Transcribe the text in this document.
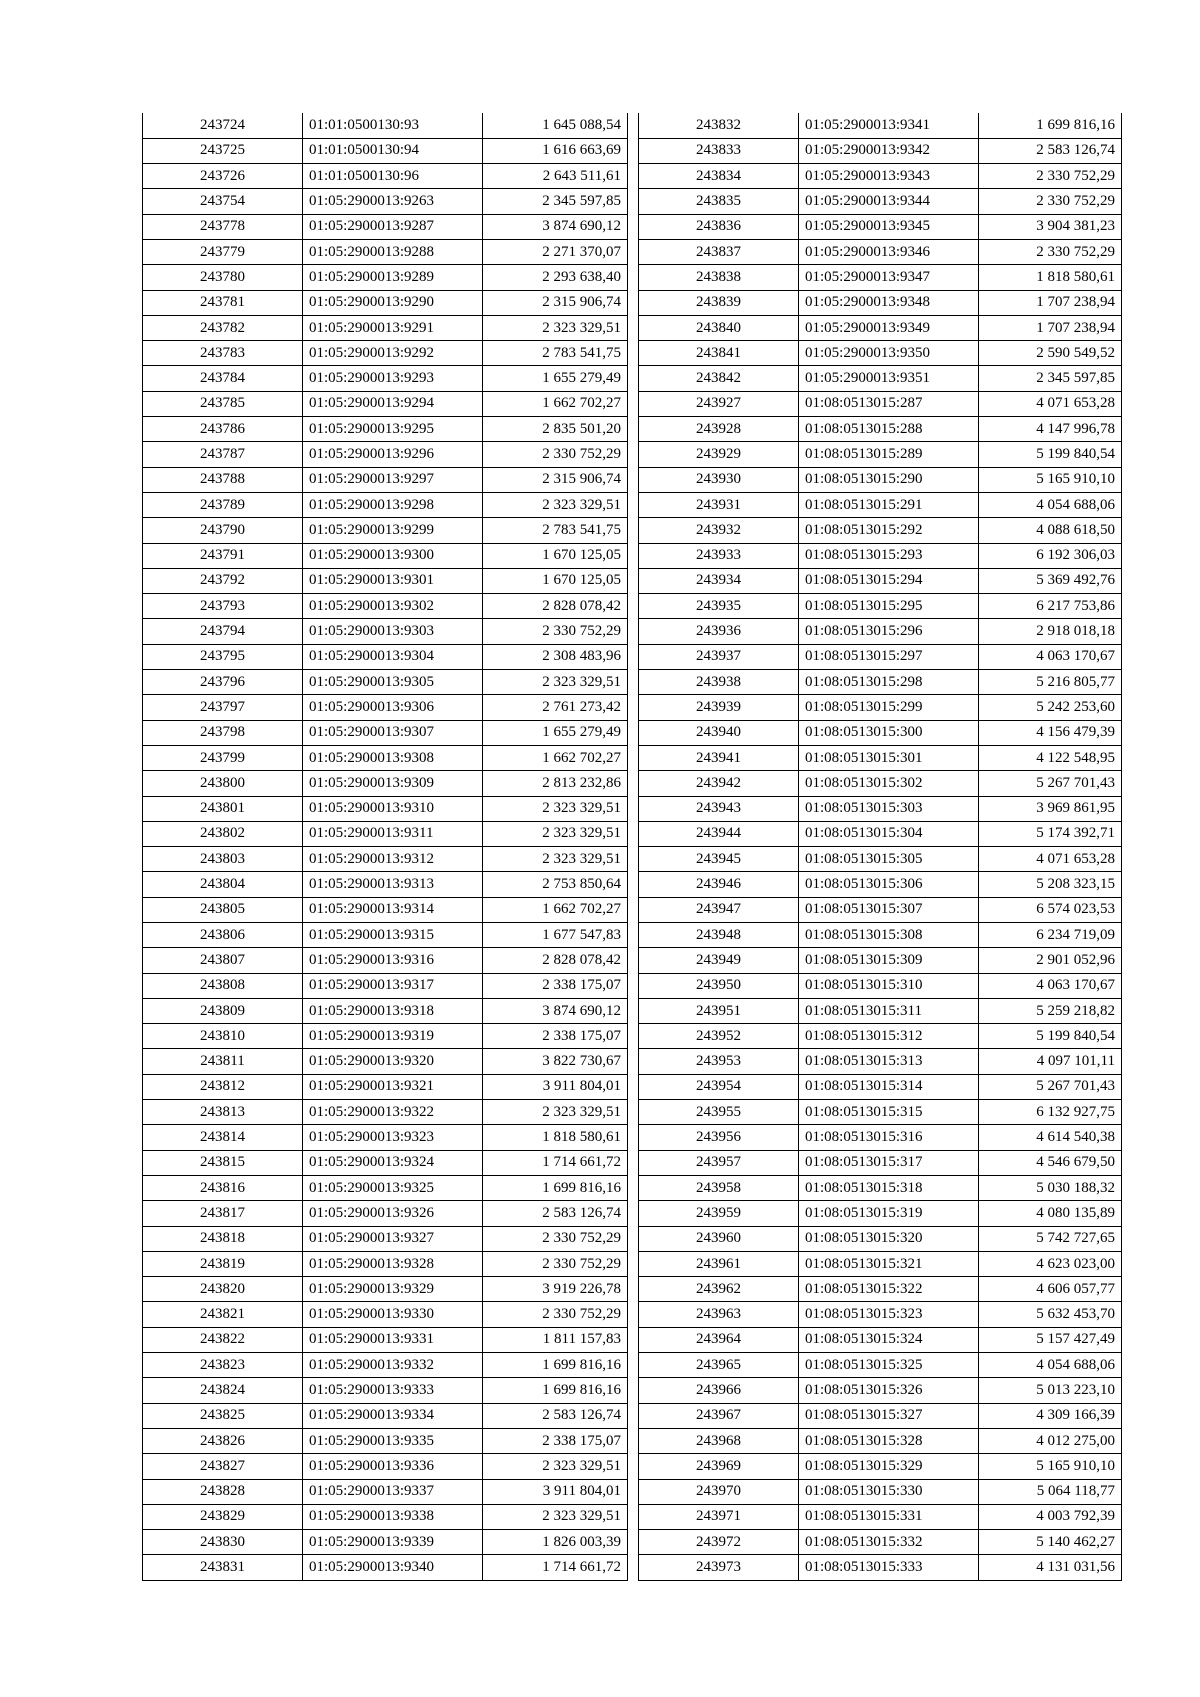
243724	01:01:0500130:93	1 645 088,54
243725	01:01:0500130:94	1 616 663,69
243726	01:01:0500130:96	2 643 511,61
243754	01:05:2900013:9263	2 345 597,85
243778	01:05:2900013:9287	3 874 690,12
243779	01:05:2900013:9288	2 271 370,07
243780	01:05:2900013:9289	2 293 638,40
243781	01:05:2900013:9290	2 315 906,74
243782	01:05:2900013:9291	2 323 329,51
243783	01:05:2900013:9292	2 783 541,75
243784	01:05:2900013:9293	1 655 279,49
243785	01:05:2900013:9294	1 662 702,27
243786	01:05:2900013:9295	2 835 501,20
243787	01:05:2900013:9296	2 330 752,29
243788	01:05:2900013:9297	2 315 906,74
243789	01:05:2900013:9298	2 323 329,51
243790	01:05:2900013:9299	2 783 541,75
243791	01:05:2900013:9300	1 670 125,05
243792	01:05:2900013:9301	1 670 125,05
243793	01:05:2900013:9302	2 828 078,42
243794	01:05:2900013:9303	2 330 752,29
243795	01:05:2900013:9304	2 308 483,96
243796	01:05:2900013:9305	2 323 329,51
243797	01:05:2900013:9306	2 761 273,42
243798	01:05:2900013:9307	1 655 279,49
243799	01:05:2900013:9308	1 662 702,27
243800	01:05:2900013:9309	2 813 232,86
243801	01:05:2900013:9310	2 323 329,51
243802	01:05:2900013:9311	2 323 329,51
243803	01:05:2900013:9312	2 323 329,51
243804	01:05:2900013:9313	2 753 850,64
243805	01:05:2900013:9314	1 662 702,27
243806	01:05:2900013:9315	1 677 547,83
243807	01:05:2900013:9316	2 828 078,42
243808	01:05:2900013:9317	2 338 175,07
243809	01:05:2900013:9318	3 874 690,12
243810	01:05:2900013:9319	2 338 175,07
243811	01:05:2900013:9320	3 822 730,67
243812	01:05:2900013:9321	3 911 804,01
243813	01:05:2900013:9322	2 323 329,51
243814	01:05:2900013:9323	1 818 580,61
243815	01:05:2900013:9324	1 714 661,72
243816	01:05:2900013:9325	1 699 816,16
243817	01:05:2900013:9326	2 583 126,74
243818	01:05:2900013:9327	2 330 752,29
243819	01:05:2900013:9328	2 330 752,29
243820	01:05:2900013:9329	3 919 226,78
243821	01:05:2900013:9330	2 330 752,29
243822	01:05:2900013:9331	1 811 157,83
243823	01:05:2900013:9332	1 699 816,16
243824	01:05:2900013:9333	1 699 816,16
243825	01:05:2900013:9334	2 583 126,74
243826	01:05:2900013:9335	2 338 175,07
243827	01:05:2900013:9336	2 323 329,51
243828	01:05:2900013:9337	3 911 804,01
243829	01:05:2900013:9338	2 323 329,51
243830	01:05:2900013:9339	1 826 003,39
243831	01:05:2900013:9340	1 714 661,72
243832	01:05:2900013:9341	1 699 816,16
243833	01:05:2900013:9342	2 583 126,74
243834	01:05:2900013:9343	2 330 752,29
243835	01:05:2900013:9344	2 330 752,29
243836	01:05:2900013:9345	3 904 381,23
243837	01:05:2900013:9346	2 330 752,29
243838	01:05:2900013:9347	1 818 580,61
243839	01:05:2900013:9348	1 707 238,94
243840	01:05:2900013:9349	1 707 238,94
243841	01:05:2900013:9350	2 590 549,52
243842	01:05:2900013:9351	2 345 597,85
243927	01:08:0513015:287	4 071 653,28
243928	01:08:0513015:288	4 147 996,78
243929	01:08:0513015:289	5 199 840,54
243930	01:08:0513015:290	5 165 910,10
243931	01:08:0513015:291	4 054 688,06
243932	01:08:0513015:292	4 088 618,50
243933	01:08:0513015:293	6 192 306,03
243934	01:08:0513015:294	5 369 492,76
243935	01:08:0513015:295	6 217 753,86
243936	01:08:0513015:296	2 918 018,18
243937	01:08:0513015:297	4 063 170,67
243938	01:08:0513015:298	5 216 805,77
243939	01:08:0513015:299	5 242 253,60
243940	01:08:0513015:300	4 156 479,39
243941	01:08:0513015:301	4 122 548,95
243942	01:08:0513015:302	5 267 701,43
243943	01:08:0513015:303	3 969 861,95
243944	01:08:0513015:304	5 174 392,71
243945	01:08:0513015:305	4 071 653,28
243946	01:08:0513015:306	5 208 323,15
243947	01:08:0513015:307	6 574 023,53
243948	01:08:0513015:308	6 234 719,09
243949	01:08:0513015:309	2 901 052,96
243950	01:08:0513015:310	4 063 170,67
243951	01:08:0513015:311	5 259 218,82
243952	01:08:0513015:312	5 199 840,54
243953	01:08:0513015:313	4 097 101,11
243954	01:08:0513015:314	5 267 701,43
243955	01:08:0513015:315	6 132 927,75
243956	01:08:0513015:316	4 614 540,38
243957	01:08:0513015:317	4 546 679,50
243958	01:08:0513015:318	5 030 188,32
243959	01:08:0513015:319	4 080 135,89
243960	01:08:0513015:320	5 742 727,65
243961	01:08:0513015:321	4 623 023,00
243962	01:08:0513015:322	4 606 057,77
243963	01:08:0513015:323	5 632 453,70
243964	01:08:0513015:324	5 157 427,49
243965	01:08:0513015:325	4 054 688,06
243966	01:08:0513015:326	5 013 223,10
243967	01:08:0513015:327	4 309 166,39
243968	01:08:0513015:328	4 012 275,00
243969	01:08:0513015:329	5 165 910,10
243970	01:08:0513015:330	5 064 118,77
243971	01:08:0513015:331	4 003 792,39
243972	01:08:0513015:332	5 140 462,27
243973	01:08:0513015:333	4 131 031,56
